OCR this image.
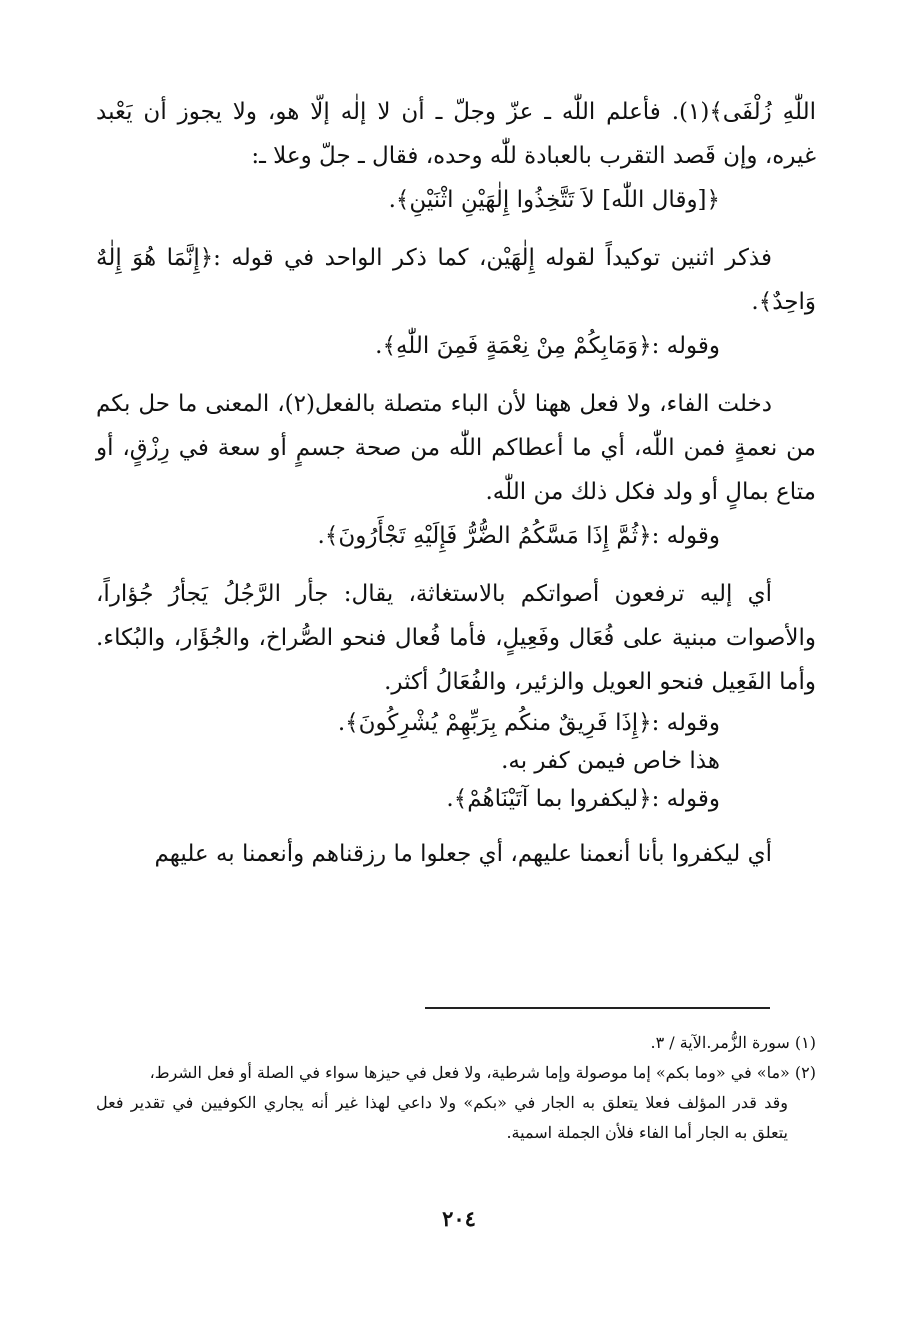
اللّٰهِ زُلْفَى﴾(١). فأعلم اللّٰه ـ عزّ وجلّ ـ أن لا إلٰه إلّا هو، ولا يجوز أن يَعْبد غيره، وإن قَصد التقرب بالعبادة للّٰه وحده، فقال ـ جلّ وعلا ـ:

﴿[وقال اللّٰه] لاَ تَتَّخِذُوا إِلٰهَيْنِ اثْنَيْنِ﴾.

فذكر اثنين توكيداً لقوله إِلٰهَيْن، كما ذكر الواحد في قوله :﴿إِنَّمَا هُوَ إِلٰهٌ وَاحِدٌ﴾.

وقوله :﴿وَمَابِكُمْ مِنْ نِعْمَةٍ فَمِنَ اللّٰهِ﴾.

دخلت الفاء، ولا فعل ههنا لأن الباء متصلة بالفعل(٢)، المعنى ما حل بكم من نعمةٍ فمن اللّٰه، أي ما أعطاكم اللّٰه من صحة جسمٍ أو سعة في رِزْقٍ، أو متاع بمالٍ أو ولد فكل ذلك من اللّٰه.

وقوله :﴿ثُمَّ إِذَا مَسَّكُمُ الضُّرُّ فَإِلَيْهِ تَجْأَرُونَ﴾.

أي إليه ترفعون أصواتكم بالاستغاثة، يقال: جأر الرَّجُلُ يَجأرُ جُؤاراً، والأصوات مبنية على فُعَال وفَعِيلٍ، فأما فُعال فنحو الصُّراخ، والجُؤَار، والبُكاء. وأما الفَعِيل فنحو العويل والزئير، والفُعَالُ أكثر.

وقوله :﴿إِذَا فَرِيقٌ منكُم بِرَبِّهِمْ يُشْرِكُونَ﴾.

هذا خاص فيمن كفر به.

وقوله :﴿ليكفروا بما آتَيْنَاهُمْ﴾.

أي ليكفروا بأنا أنعمنا عليهم، أي جعلوا ما رزقناهم وأنعمنا به عليهم

(١) سورة الزُّمر.الآية / ٣.

(٢) «ما» في «وما بكم» إما موصولة وإما شرطية، ولا فعل في حيزها سواء في الصلة أو فعل الشرط،

وقد قدر المؤلف فعلا يتعلق به الجار في «بكم» ولا داعي لهذا غير أنه يجاري الكوفيين في تقدير فعل يتعلق به الجار أما الفاء فلأن الجملة اسمية.

٢٠٤
